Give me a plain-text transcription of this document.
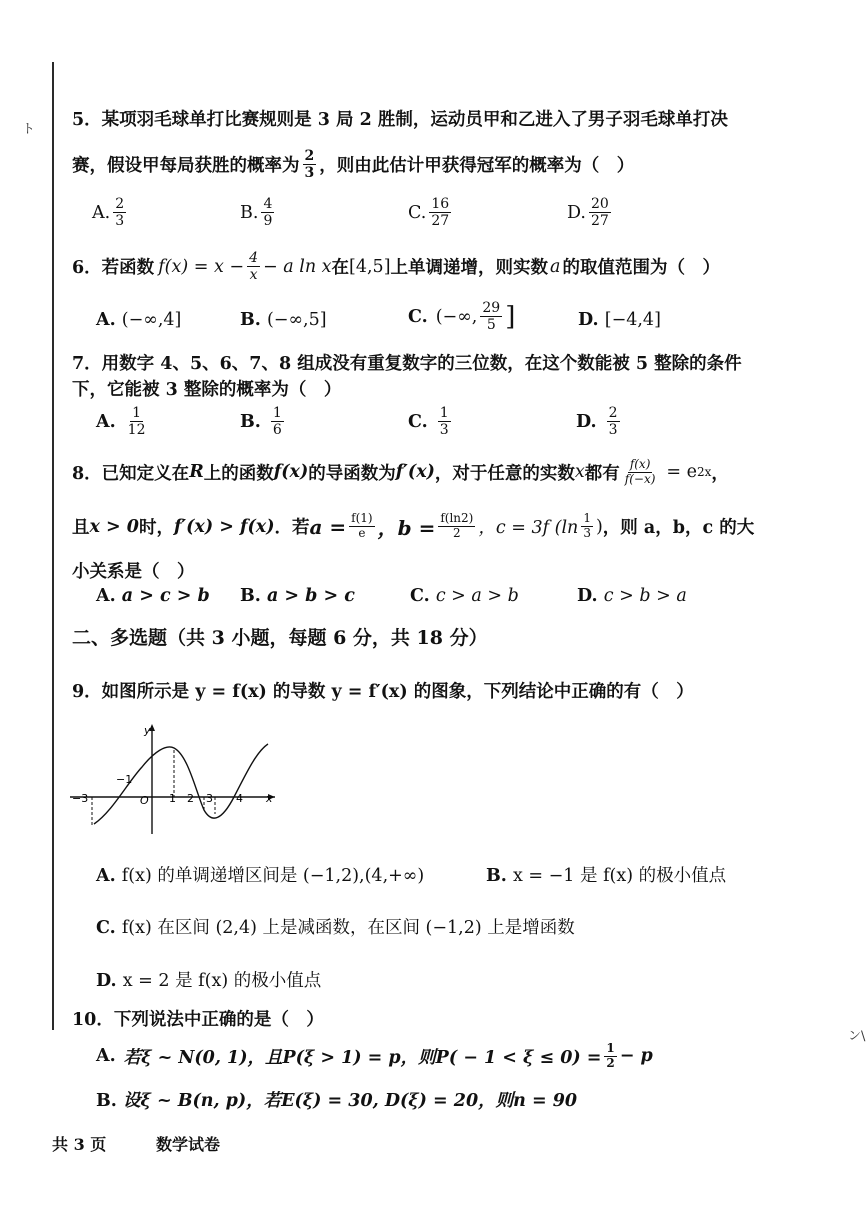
ト
ン\
5．某项羽毛球单打比赛规则是 3 局 2 胜制，运动员甲和乙进入了男子羽毛球单打决
赛，假设甲每局获胜的概率为 $\frac{2}{3}$ ，则由此估计甲获得冠军的概率为（　）
A. $\frac{2}{3}$	B. $\frac{4}{9}$	C. $\frac{16}{27}$	D. $\frac{20}{27}$
6．若函数 $f(x) = x - \frac{4}{x} - a$ ln x 在 [4,5] 上单调递增，则实数 a 的取值范围为（　）
A. (−∞,4]	B. (−∞,5]	C. (−∞, $\frac{29}{5}$ ]	D. [−4,4]
7．用数字 4、5、6、7、8 组成没有重复数字的三位数，在这个数能被 5 整除的条件
下，它能被 3 整除的概率为（　）
A. $\frac{1}{12}$	B. $\frac{1}{6}$	C. $\frac{1}{3}$	D. $\frac{2}{3}$
8．已知定义在 R 上的函数 f(x) 的导函数为 f′(x) ，对于任意的实数 x 都有 $\frac{f(x)}{f(-x)} = e$ 2x ，
且 x > 0 时， f′(x) > f(x) ．若 $a = \frac{f(1)}{e}$ ，$b = \frac{f(\ln 2)}{2}$ ，c = 3f ($\ln \frac{1}{3}$ ) ，则 a，b，c 的大
小关系是（　）
A. a > c > b B. a > b > c	C. c > a > b	D. c > b > a
二、多选题（共 3 小题，每题 6 分，共 18 分）
9．如图所示是 y = f(x) 的导数 y = f′(x) 的图象，下列结论中正确的有（　）
y
x
O
−3
−1
1 2 3 4
A. f(x) 的单调递增区间是 (−1,2),(4,+∞)	B. x = −1 是 f(x) 的极小值点
C. f(x) 在区间 (2,4) 上是减函数，在区间 (−1,2) 上是增函数
D. x = 2 是 f(x) 的极小值点
10．下列说法中正确的是（　）
A. 若ξ ~ N(0, 1)，且P(ξ > 1) = p，则$P( - 1 < \xi \le 0) = \frac{1}{2} - p$
B. 设ξ ~ B(n, p)，若E(ξ) = 30, D(ξ) = 20，则n = 90
共 3 页	数学试卷
